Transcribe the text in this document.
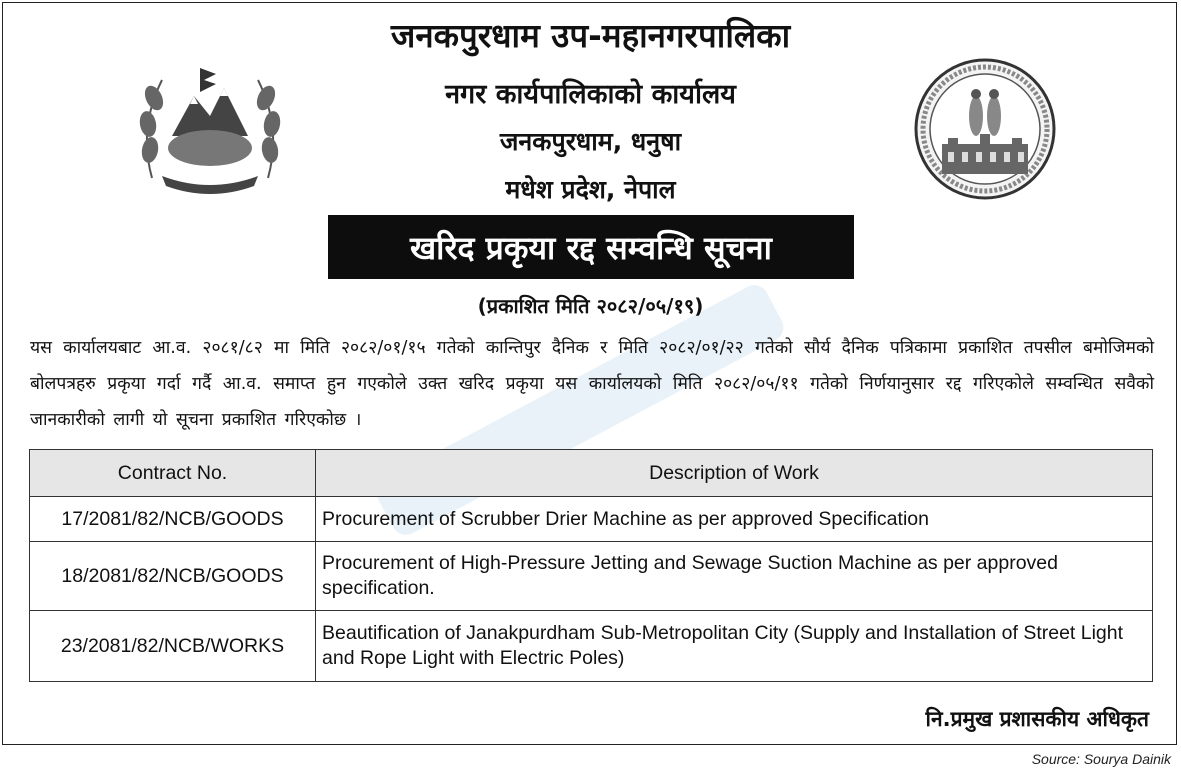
जनकपुरधाम उप-महानगरपालिका
नगर कार्यपालिकाको कार्यालय
जनकपुरधाम, धनुषा
मधेश प्रदेश, नेपाल
खरिद प्रकृया रद्द सम्वन्धि सूचना
(प्रकाशित मिति २०८२/०५/१९)
यस कार्यालयबाट आ.व. २०८१/८२ मा मिति २०८२/०१/१५ गतेको कान्तिपुर दैनिक र मिति २०८२/०१/२२ गतेको सौर्य दैनिक पत्रिकामा प्रकाशित तपसील बमोजिमको बोलपत्रहरु प्रकृया गर्दा गर्दै आ.व. समाप्त हुन गएकोले उक्त खरिद प्रकृया यस कार्यालयको मिति २०८२/०५/११ गतेको निर्णयानुसार रद्द गरिएकोले सम्वन्धित सवैको जानकारीको लागी यो सूचना प्रकाशित गरिएकोछ ।
Contract No.	Description of Work
17/2081/82/NCB/GOODS	Procurement of Scrubber Drier Machine as per approved Specification
18/2081/82/NCB/GOODS	Procurement of High-Pressure Jetting and Sewage Suction Machine as per approved specification.
23/2081/82/NCB/WORKS	Beautification of Janakpurdham Sub-Metropolitan City (Supply and Installation of Street Light and Rope Light with Electric Poles)
नि.प्रमुख प्रशासकीय अधिकृत
Source: Sourya Dainik
